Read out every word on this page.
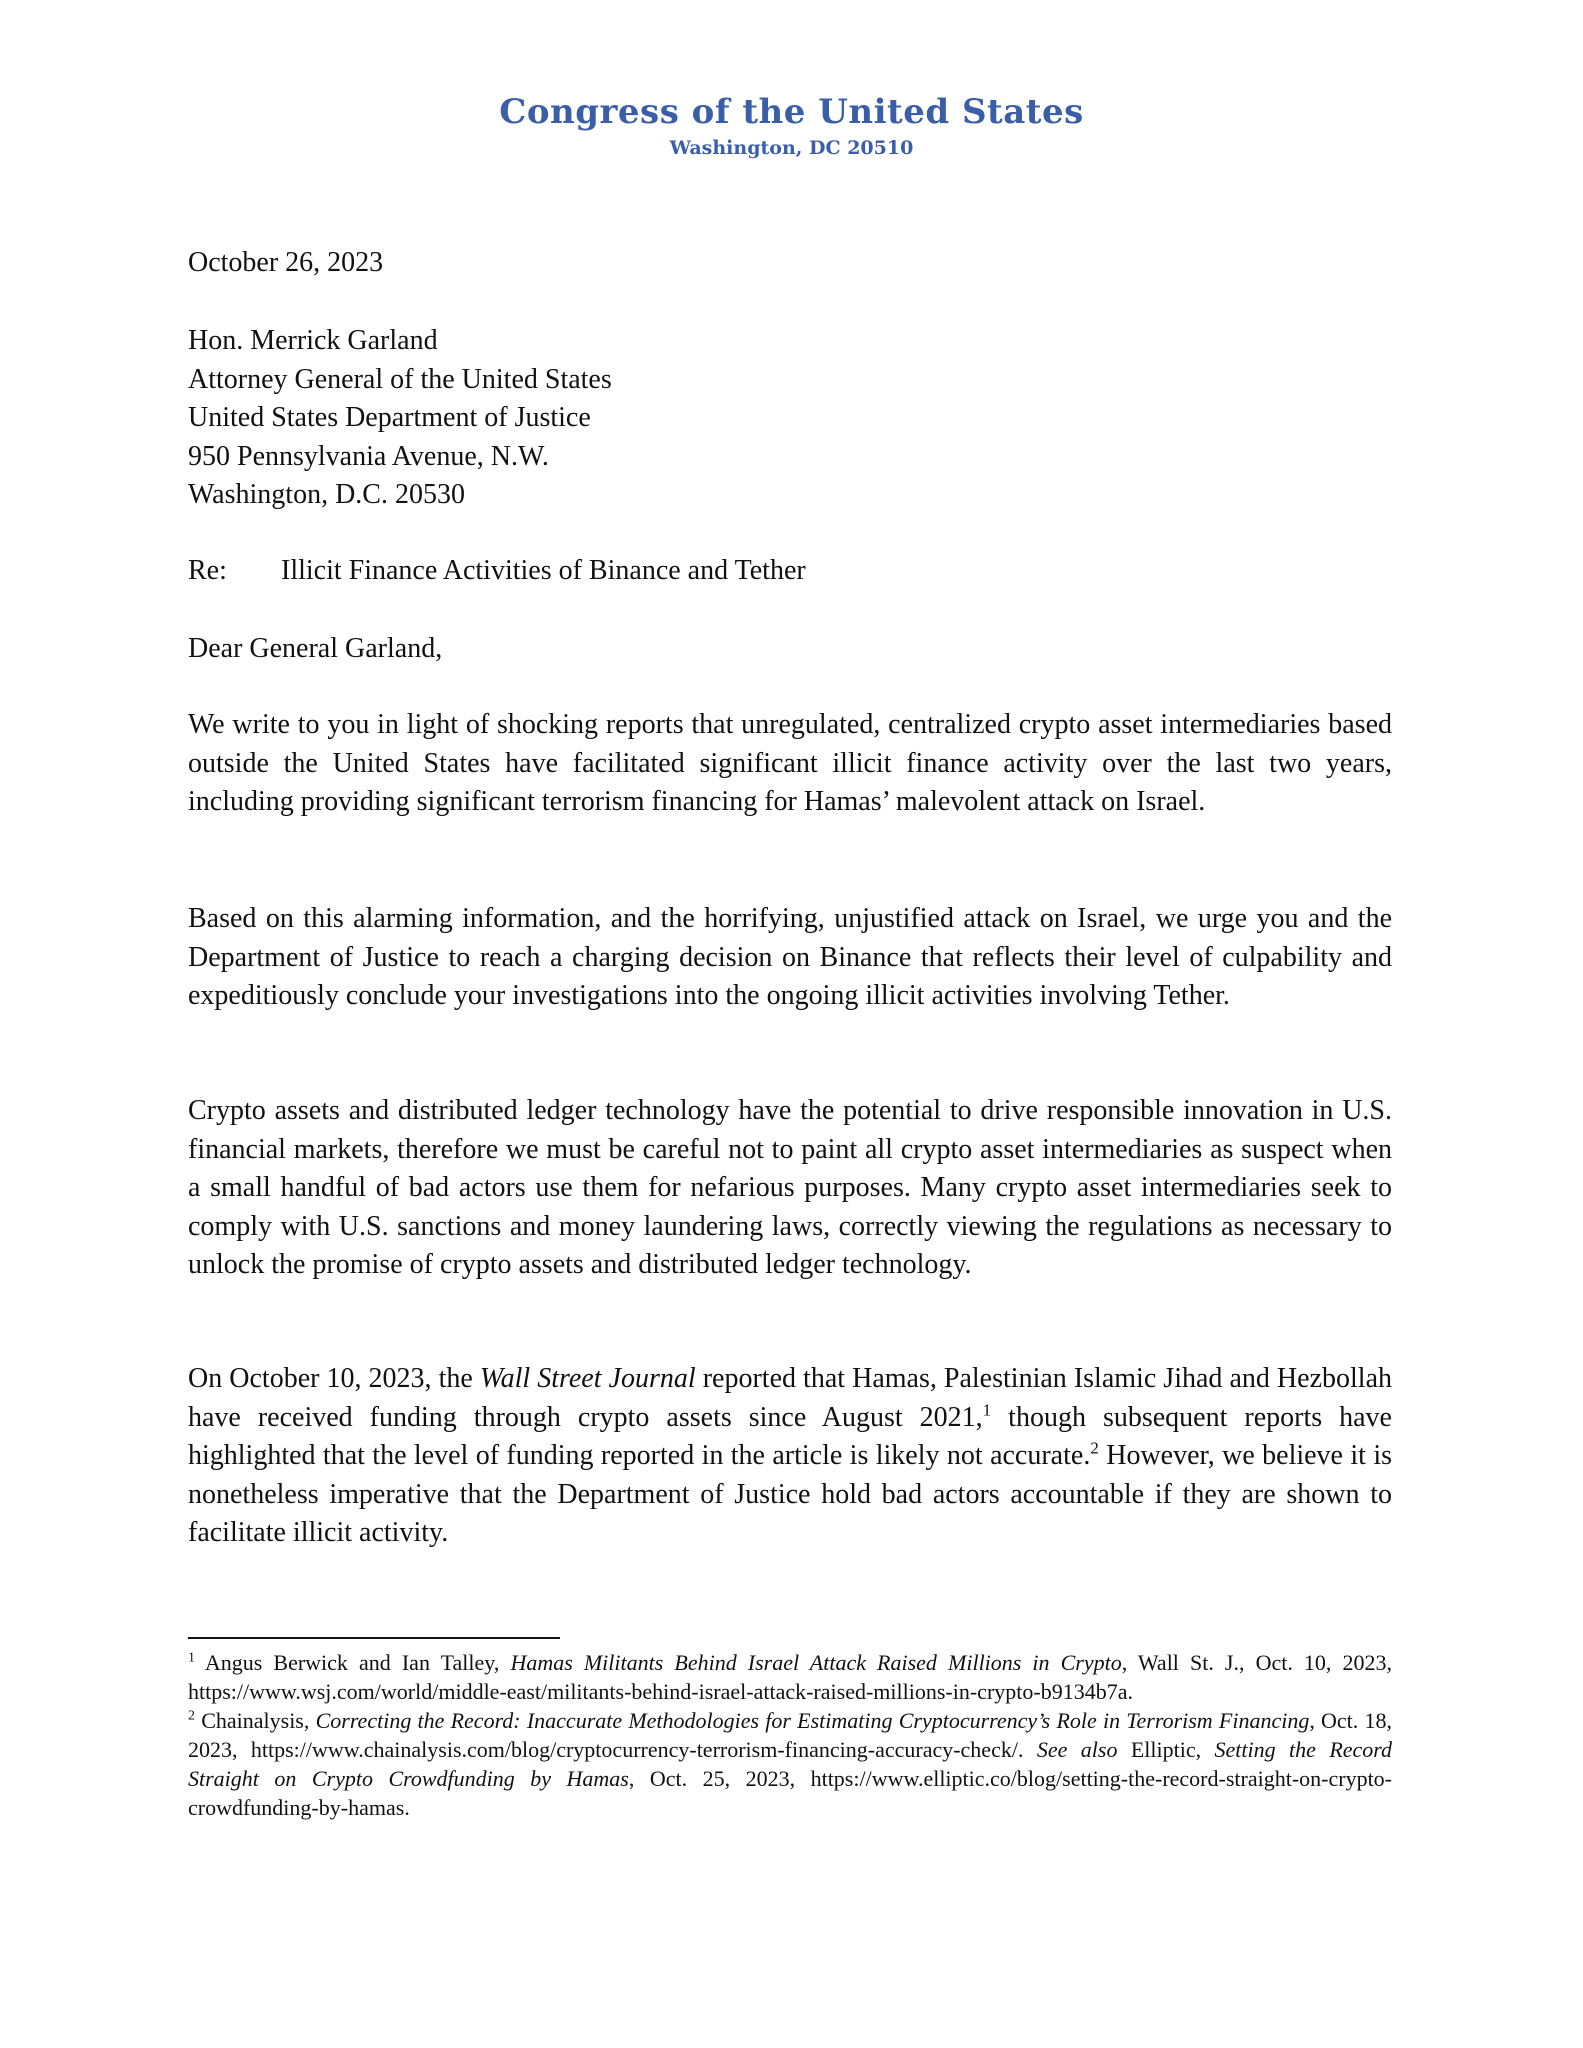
Congress of the United States
Washington, DC 20510
October 26, 2023
Hon. Merrick Garland
Attorney General of the United States
United States Department of Justice
950 Pennsylvania Avenue, N.W.
Washington, D.C. 20530
Re: Illicit Finance Activities of Binance and Tether
Dear General Garland,
We write to you in light of shocking reports that unregulated, centralized crypto asset intermediaries based outside the United States have facilitated significant illicit finance activity over the last two years, including providing significant terrorism financing for Hamas’ malevolent attack on Israel.
Based on this alarming information, and the horrifying, unjustified attack on Israel, we urge you and the Department of Justice to reach a charging decision on Binance that reflects their level of culpability and expeditiously conclude your investigations into the ongoing illicit activities involving Tether.
Crypto assets and distributed ledger technology have the potential to drive responsible innovation in U.S. financial markets, therefore we must be careful not to paint all crypto asset intermediaries as suspect when a small handful of bad actors use them for nefarious purposes. Many crypto asset intermediaries seek to comply with U.S. sanctions and money laundering laws, correctly viewing the regulations as necessary to unlock the promise of crypto assets and distributed ledger technology.
On October 10, 2023, the Wall Street Journal reported that Hamas, Palestinian Islamic Jihad and Hezbollah have received funding through crypto assets since August 2021,$^1$ though subsequent reports have highlighted that the level of funding reported in the article is likely not accurate.$^2$ However, we believe it is nonetheless imperative that the Department of Justice hold bad actors accountable if they are shown to facilitate illicit activity.
$^1$ Angus Berwick and Ian Talley, Hamas Militants Behind Israel Attack Raised Millions in Crypto, Wall St. J., Oct. 10, 2023, https://www.wsj.com/world/middle-east/militants-behind-israel-attack-raised-millions-in-crypto-b9134b7a.
$^2$ Chainalysis, Correcting the Record: Inaccurate Methodologies for Estimating Cryptocurrency’s Role in Terrorism Financing, Oct. 18, 2023, https://www.chainalysis.com/blog/cryptocurrency-terrorism-financing-accuracy-check/. See also Elliptic, Setting the Record Straight on Crypto Crowdfunding by Hamas, Oct. 25, 2023, https://www.elliptic.co/blog/setting-the-record-straight-on-crypto-crowdfunding-by-hamas.
